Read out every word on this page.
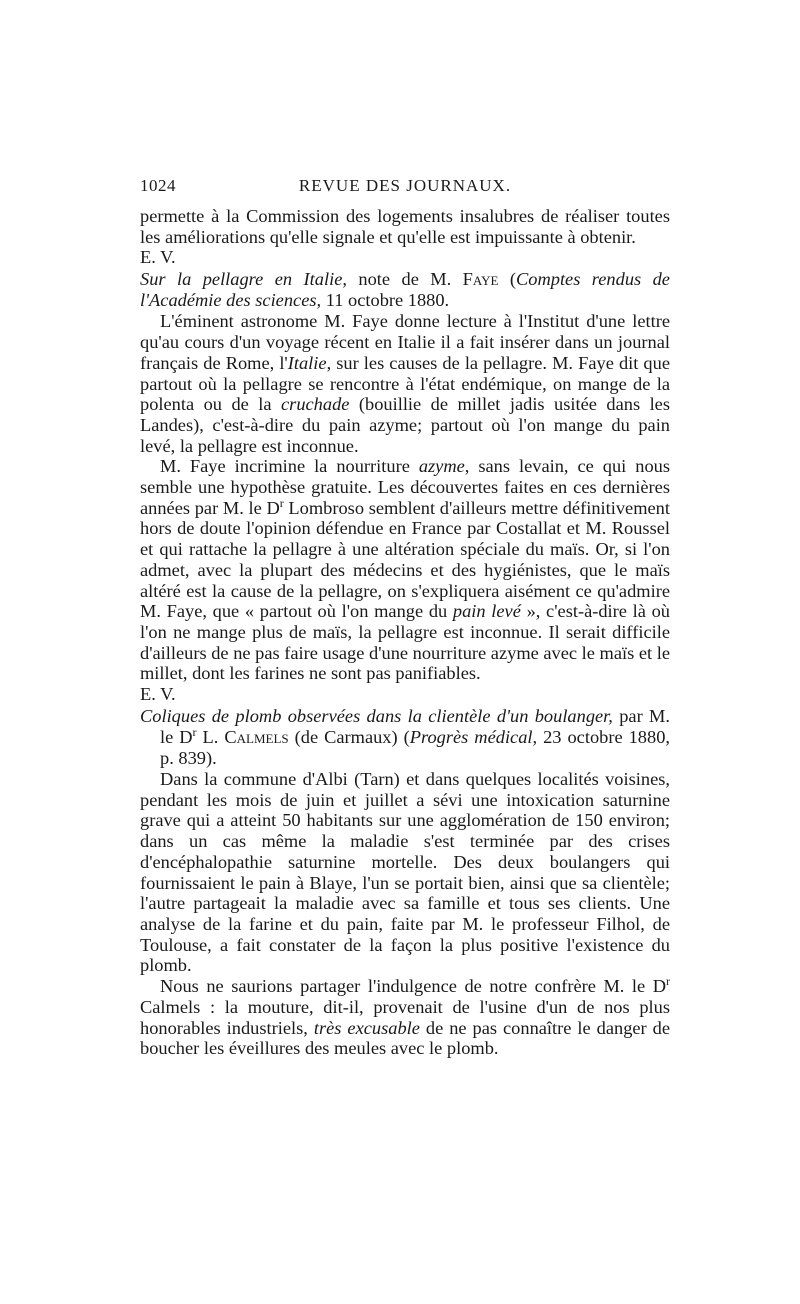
1024	REVUE DES JOURNAUX.

permette à la Commission des logements insalubres de réaliser toutes les améliorations qu'elle signale et qu'elle est impuissante à obtenir.

E. V.

Sur la pellagre en Italie, note de M. Faye (Comptes rendus de l'Académie des sciences, 11 octobre 1880.

L'éminent astronome M. Faye donne lecture à l'Institut d'une lettre qu'au cours d'un voyage récent en Italie il a fait insérer dans un journal français de Rome, l'Italie, sur les causes de la pellagre. M. Faye dit que partout où la pellagre se rencontre à l'état endémique, on mange de la polenta ou de la cruchade (bouillie de millet jadis usitée dans les Landes), c'est-à-dire du pain azyme; partout où l'on mange du pain levé, la pellagre est inconnue.

M. Faye incrimine la nourriture azyme, sans levain, ce qui nous semble une hypothèse gratuite. Les découvertes faites en ces dernières années par M. le D$^r$ Lombroso semblent d'ailleurs mettre définitivement hors de doute l'opinion défendue en France par Costallat et M. Roussel et qui rattache la pellagre à une altération spéciale du maïs. Or, si l'on admet, avec la plupart des médecins et des hygiénistes, que le maïs altéré est la cause de la pellagre, on s'expliquera aisément ce qu'admire M. Faye, que « partout où l'on mange du pain levé », c'est-à-dire là où l'on ne mange plus de maïs, la pellagre est inconnue. Il serait difficile d'ailleurs de ne pas faire usage d'une nourriture azyme avec le maïs et le millet, dont les farines ne sont pas panifiables.

E. V.

Coliques de plomb observées dans la clientèle d'un boulanger, par M. le D$^r$ L. Calmels (de Carmaux) (Progrès médical, 23 octobre 1880, p. 839).

Dans la commune d'Albi (Tarn) et dans quelques localités voisines, pendant les mois de juin et juillet a sévi une intoxication saturnine grave qui a atteint 50 habitants sur une agglomération de 150 environ; dans un cas même la maladie s'est terminée par des crises d'encéphalopathie saturnine mortelle. Des deux boulangers qui fournissaient le pain à Blaye, l'un se portait bien, ainsi que sa clientèle; l'autre partageait la maladie avec sa famille et tous ses clients. Une analyse de la farine et du pain, faite par M. le professeur Filhol, de Toulouse, a fait constater de la façon la plus positive l'existence du plomb.

Nous ne saurions partager l'indulgence de notre confrère M. le D$^r$ Calmels : la mouture, dit-il, provenait de l'usine d'un de nos plus honorables industriels, très excusable de ne pas connaître le danger de boucher les éveillures des meules avec le plomb.
